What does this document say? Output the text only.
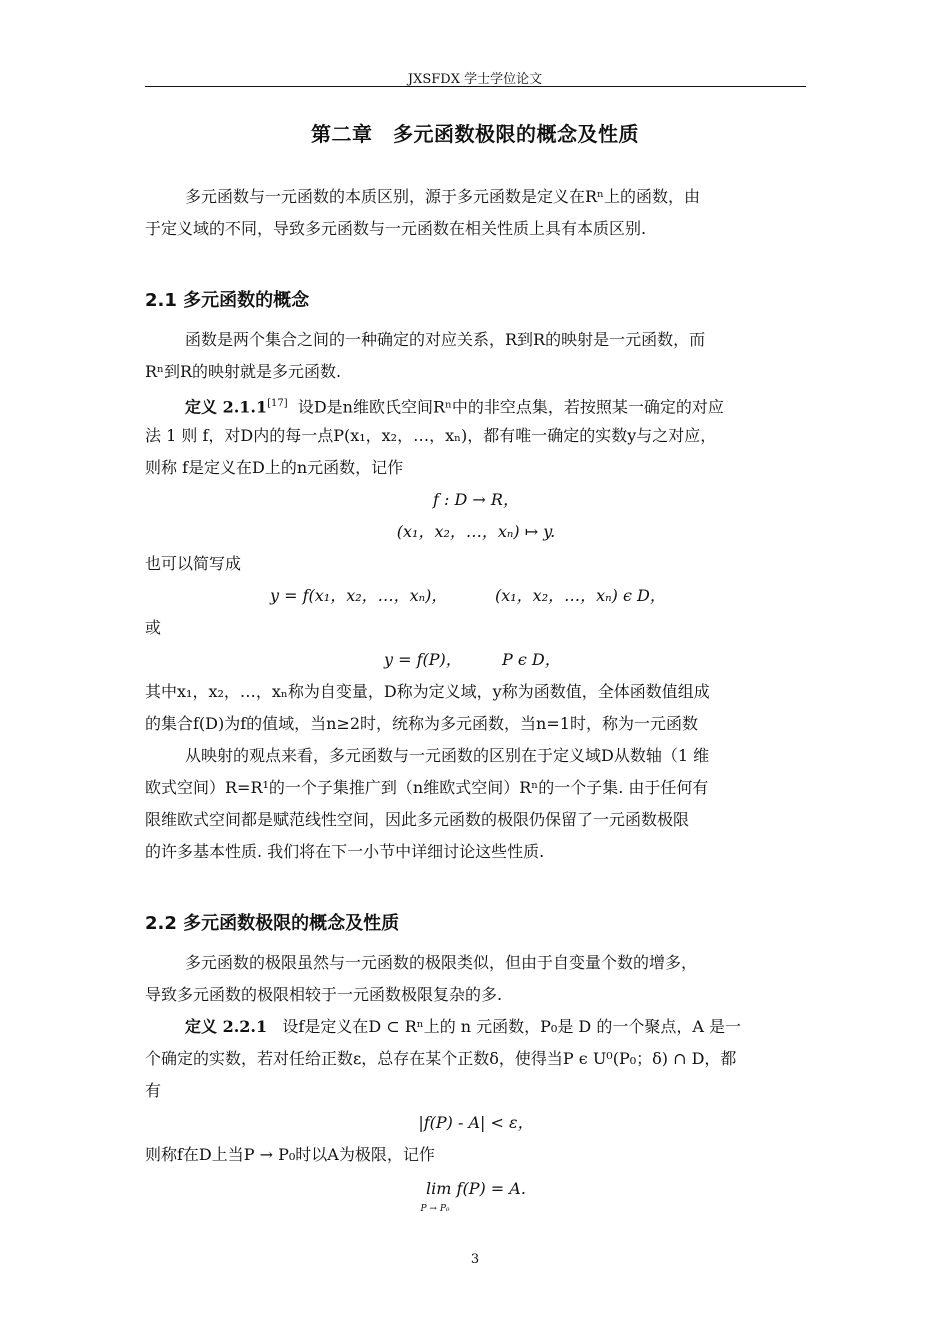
JXSFDX 学士学位论文
第二章　多元函数极限的概念及性质
多元函数与一元函数的本质区别，源于多元函数是定义在Rⁿ上的函数，由
于定义域的不同，导致多元函数与一元函数在相关性质上具有本质区别.
2.1 多元函数的概念
函数是两个集合之间的一种确定的对应关系，R到R的映射是一元函数，而
Rⁿ到R的映射就是多元函数.
定义 2.1.1[17] 设D是n维欧氏空间Rⁿ中的非空点集，若按照某一确定的对应
法 1 则 f，对D内的每一点P(x₁，x₂，…，xₙ)，都有唯一确定的实数y与之对应，
则称 f是定义在D上的n元函数，记作
f : D → R，
(x₁，x₂，…，xₙ) ↦ y.
也可以简写成
y = f(x₁，x₂，…，xₙ)，	(x₁，x₂，…，xₙ) ϵ D，
或
y = f(P)，	P ϵ D，
其中x₁，x₂，…，xₙ称为自变量，D称为定义域，y称为函数值，全体函数值组成
的集合f(D)为f的值域，当n≥2时，统称为多元函数，当n=1时，称为一元函数
从映射的观点来看，多元函数与一元函数的区别在于定义域D从数轴（1 维
欧式空间）R=R¹的一个子集推广到（n维欧式空间）Rⁿ的一个子集. 由于任何有
限维欧式空间都是赋范线性空间，因此多元函数的极限仍保留了一元函数极限
的许多基本性质. 我们将在下一小节中详细讨论这些性质.
2.2 多元函数极限的概念及性质
多元函数的极限虽然与一元函数的极限类似，但由于自变量个数的增多，
导致多元函数的极限相较于一元函数极限复杂的多.
定义 2.2.1 设f是定义在D ⊂ Rⁿ上的 n 元函数，P₀是 D 的一个聚点，A 是一
个确定的实数，若对任给正数ε，总存在某个正数δ，使得当P ϵ U⁰(P₀；δ) ∩ D，都
有
|f(P) - A| < ε，
则称f在D上当P → P₀时以A为极限，记作
lim f(P) = A.
P → P₀
3
